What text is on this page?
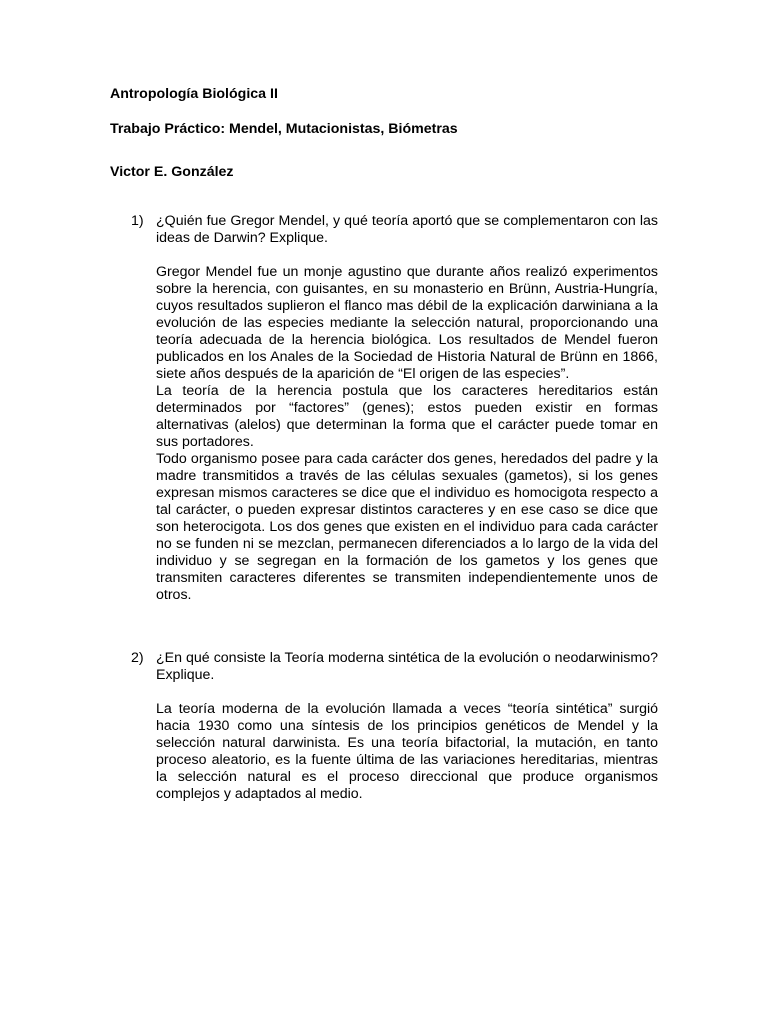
Antropología Biológica II
Trabajo Práctico: Mendel, Mutacionistas, Biómetras
Victor E. González
1) ¿Quién fue Gregor Mendel, y qué teoría aportó que se complementaron con las ideas de Darwin? Explique.

Gregor Mendel fue un monje agustino que durante años realizó experimentos sobre la herencia, con guisantes, en su monasterio en Brünn, Austria-Hungría, cuyos resultados suplieron el flanco mas débil de la explicación darwiniana a la evolución de las especies mediante la selección natural, proporcionando una teoría adecuada de la herencia biológica. Los resultados de Mendel fueron publicados en los Anales de la Sociedad de Historia Natural de Brünn en 1866, siete años después de la aparición de “El origen de las especies”.

La teoría de la herencia postula que los caracteres hereditarios están determinados por “factores” (genes); estos pueden existir en formas alternativas (alelos) que determinan la forma que el carácter puede tomar en sus portadores.

Todo organismo posee para cada carácter dos genes, heredados del padre y la madre transmitidos a través de las células sexuales (gametos), si los genes expresan mismos caracteres se dice que el individuo es homocigota respecto a tal carácter, o pueden expresar distintos caracteres y en ese caso se dice que son heterocigota. Los dos genes que existen en el individuo para cada carácter no se funden ni se mezclan, permanecen diferenciados a lo largo de la vida del individuo y se segregan en la formación de los gametos y los genes que transmiten caracteres diferentes se transmiten independientemente unos de otros.

2) ¿En qué consiste la Teoría moderna sintética de la evolución o neodarwinismo? Explique.

La teoría moderna de la evolución llamada a veces “teoría sintética” surgió hacia 1930 como una síntesis de los principios genéticos de Mendel y la selección natural darwinista. Es una teoría bifactorial, la mutación, en tanto proceso aleatorio, es la fuente última de las variaciones hereditarias, mientras la selección natural es el proceso direccional que produce organismos complejos y adaptados al medio.
